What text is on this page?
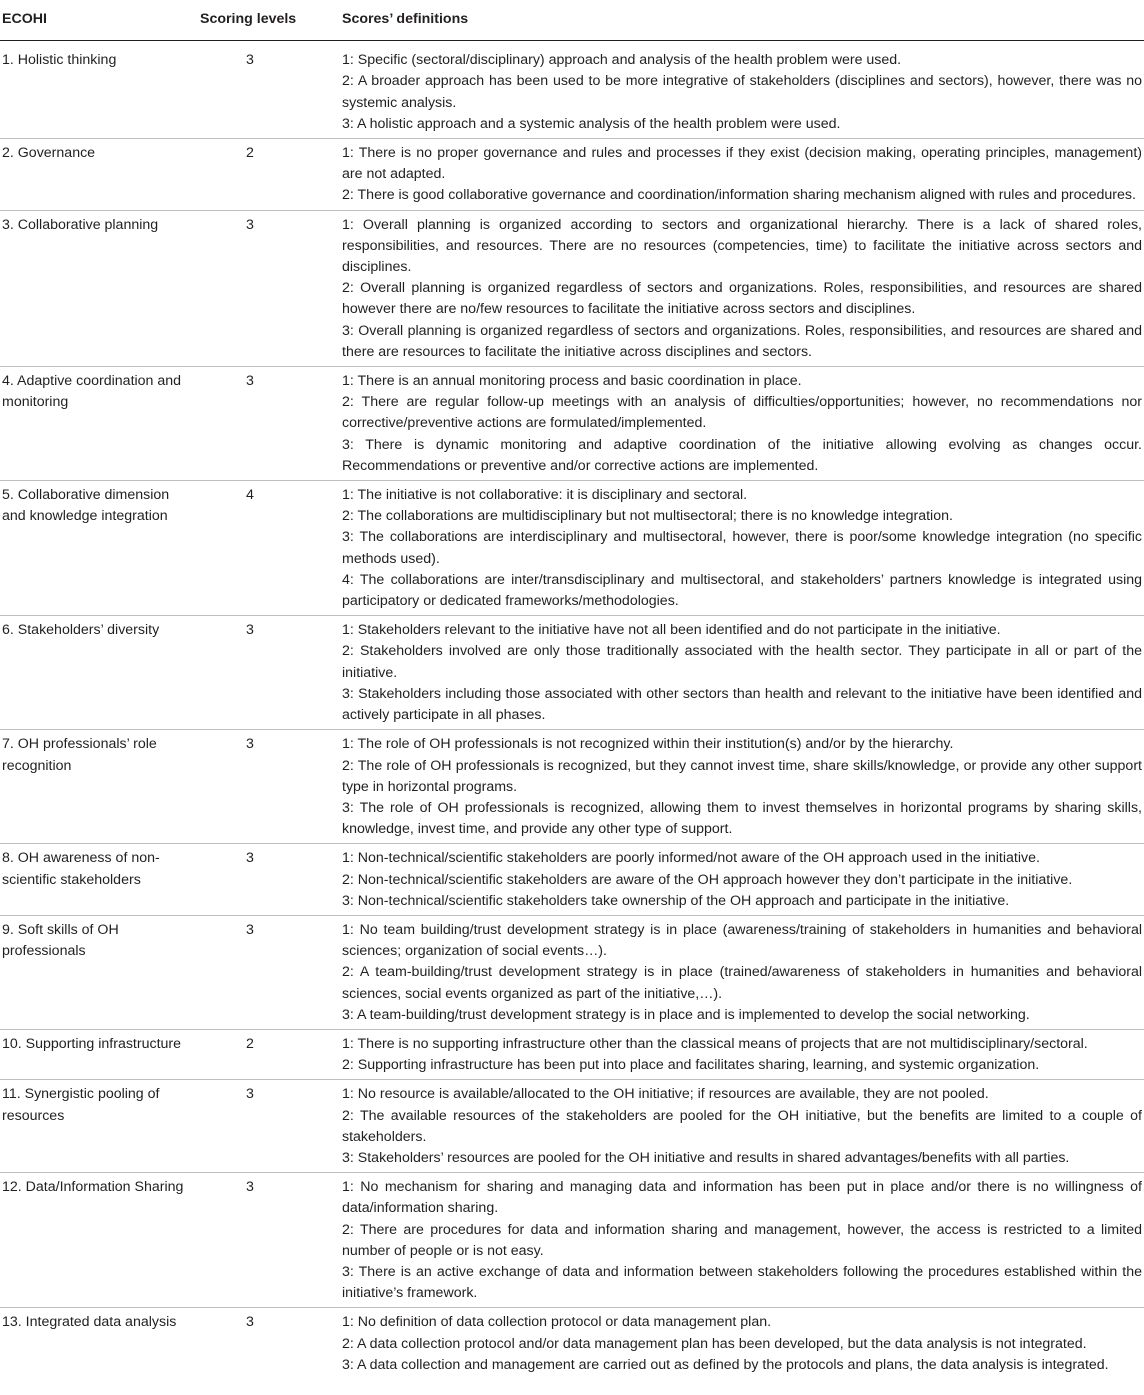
ECOHI	Scoring levels	Scores’ definitions
1. Holistic thinking	3	1: Specific (sectoral/disciplinary) approach and analysis of the health problem were used.
2: A broader approach has been used to be more integrative of stakeholders (disciplines and sectors), however, there was no systemic analysis.
3: A holistic approach and a systemic analysis of the health problem were used.

2. Governance	2	1: There is no proper governance and rules and processes if they exist (decision making, operating principles, management) are not adapted.
2: There is good collaborative governance and coordination/information sharing mechanism aligned with rules and procedures.

3. Collaborative planning	3	1: Overall planning is organized according to sectors and organizational hierarchy. There is a lack of shared roles, responsibilities, and resources. There are no resources (competencies, time) to facilitate the initiative across sectors and disciplines.
2: Overall planning is organized regardless of sectors and organizations. Roles, responsibilities, and resources are shared however there are no/few resources to facilitate the initiative across sectors and disciplines.
3: Overall planning is organized regardless of sectors and organizations. Roles, responsibilities, and resources are shared and there are resources to facilitate the initiative across disciplines and sectors.

4. Adaptive coordination and monitoring	3	1: There is an annual monitoring process and basic coordination in place.
2: There are regular follow-up meetings with an analysis of difficulties/opportunities; however, no recommendations nor corrective/preventive actions are formulated/implemented.
3: There is dynamic monitoring and adaptive coordination of the initiative allowing evolving as changes occur. Recommendations or preventive and/or corrective actions are implemented.

5. Collaborative dimension and knowledge integration	4	1: The initiative is not collaborative: it is disciplinary and sectoral.
2: The collaborations are multidisciplinary but not multisectoral; there is no knowledge integration.
3: The collaborations are interdisciplinary and multisectoral, however, there is poor/some knowledge integration (no specific methods used).
4: The collaborations are inter/transdisciplinary and multisectoral, and stakeholders’ partners knowledge is integrated using participatory or dedicated frameworks/methodologies.

6. Stakeholders’ diversity	3	1: Stakeholders relevant to the initiative have not all been identified and do not participate in the initiative.
2: Stakeholders involved are only those traditionally associated with the health sector. They participate in all or part of the initiative.
3: Stakeholders including those associated with other sectors than health and relevant to the initiative have been identified and actively participate in all phases.

7. OH professionals’ role recognition	3	1: The role of OH professionals is not recognized within their institution(s) and/or by the hierarchy.
2: The role of OH professionals is recognized, but they cannot invest time, share skills/knowledge, or provide any other support type in horizontal programs.
3: The role of OH professionals is recognized, allowing them to invest themselves in horizontal programs by sharing skills, knowledge, invest time, and provide any other type of support.

8. OH awareness of non-scientific stakeholders	3	1: Non-technical/scientific stakeholders are poorly informed/not aware of the OH approach used in the initiative.
2: Non-technical/scientific stakeholders are aware of the OH approach however they don’t participate in the initiative.
3: Non-technical/scientific stakeholders take ownership of the OH approach and participate in the initiative.

9. Soft skills of OH professionals	3	1: No team building/trust development strategy is in place (awareness/training of stakeholders in humanities and behavioral sciences; organization of social events…).
2: A team-building/trust development strategy is in place (trained/awareness of stakeholders in humanities and behavioral sciences, social events organized as part of the initiative,…).
3: A team-building/trust development strategy is in place and is implemented to develop the social networking.

10. Supporting infrastructure	2	1: There is no supporting infrastructure other than the classical means of projects that are not multidisciplinary/sectoral.
2: Supporting infrastructure has been put into place and facilitates sharing, learning, and systemic organization.

11. Synergistic pooling of resources	3	1: No resource is available/allocated to the OH initiative; if resources are available, they are not pooled.
2: The available resources of the stakeholders are pooled for the OH initiative, but the benefits are limited to a couple of stakeholders.
3: Stakeholders’ resources are pooled for the OH initiative and results in shared advantages/benefits with all parties.

12. Data/Information Sharing	3	1: No mechanism for sharing and managing data and information has been put in place and/or there is no willingness of data/information sharing.
2: There are procedures for data and information sharing and management, however, the access is restricted to a limited number of people or is not easy.
3: There is an active exchange of data and information between stakeholders following the procedures established within the initiative’s framework.

13. Integrated data analysis	3	1: No definition of data collection protocol or data management plan.
2: A data collection protocol and/or data management plan has been developed, but the data analysis is not integrated.
3: A data collection and management are carried out as defined by the protocols and plans, the data analysis is integrated.
